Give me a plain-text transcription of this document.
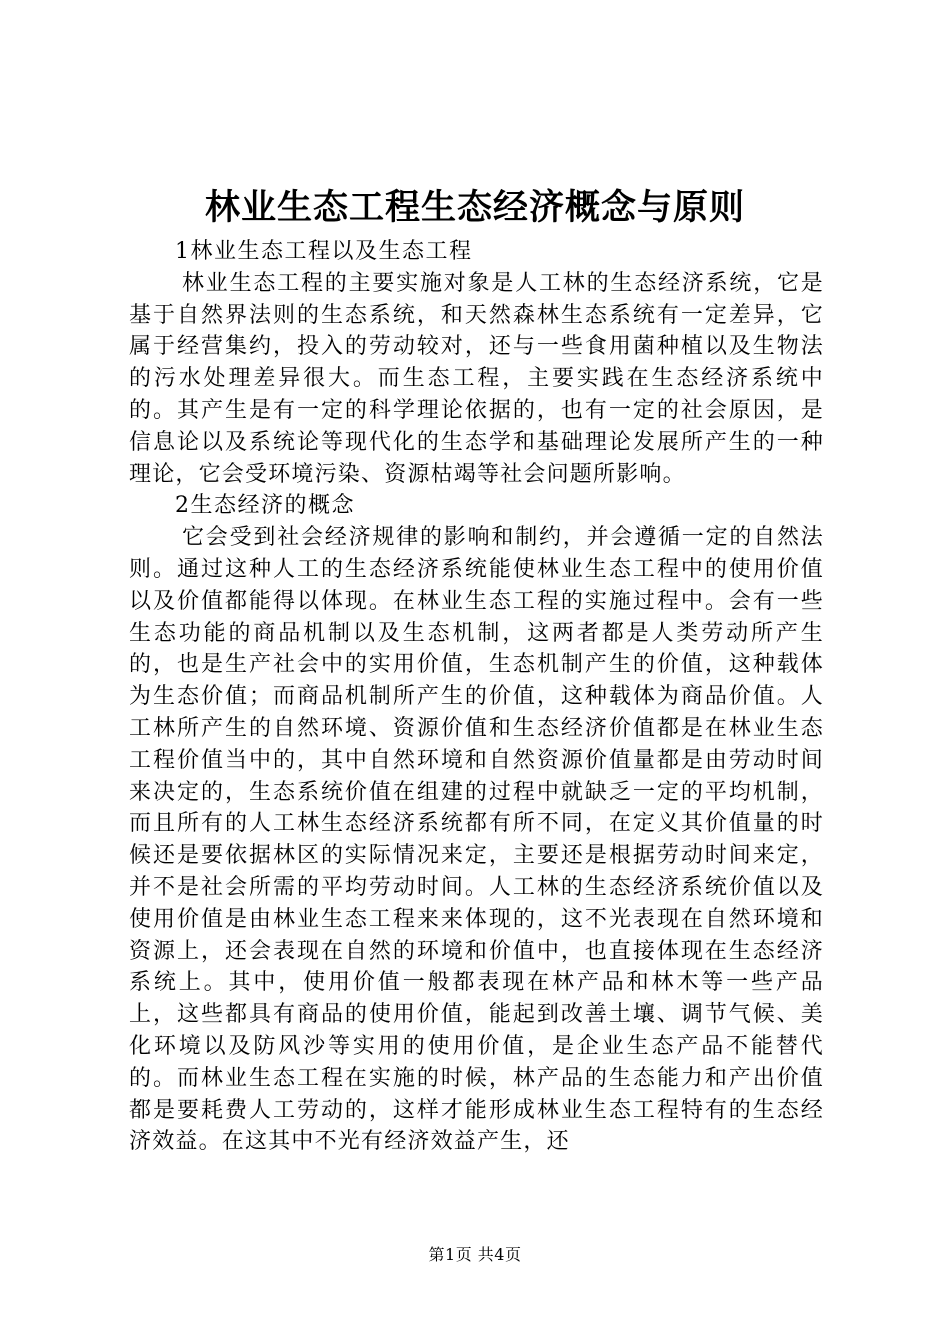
林业生态工程生态经济概念与原则
1林业生态工程以及生态工程

林业生态工程的主要实施对象是人工林的生态经济系统，它是基于自然界法则的生态系统，和天然森林生态系统有一定差异，它属于经营集约，投入的劳动较对，还与一些食用菌种植以及生物法的污水处理差异很大。而生态工程，主要实践在生态经济系统中的。其产生是有一定的科学理论依据的，也有一定的社会原因，是信息论以及系统论等现代化的生态学和基础理论发展所产生的一种理论，它会受环境污染、资源枯竭等社会问题所影响。

2生态经济的概念

它会受到社会经济规律的影响和制约，并会遵循一定的自然法则。通过这种人工的生态经济系统能使林业生态工程中的使用价值以及价值都能得以体现。在林业生态工程的实施过程中。会有一些生态功能的商品机制以及生态机制，这两者都是人类劳动所产生的，也是生产社会中的实用价值，生态机制产生的价值，这种载体为生态价值；而商品机制所产生的价值，这种载体为商品价值。人工林所产生的自然环境、资源价值和生态经济价值都是在林业生态工程价值当中的，其中自然环境和自然资源价值量都是由劳动时间来决定的，生态系统价值在组建的过程中就缺乏一定的平均机制，而且所有的人工林生态经济系统都有所不同，在定义其价值量的时候还是要依据林区的实际情况来定，主要还是根据劳动时间来定，并不是社会所需的平均劳动时间。人工林的生态经济系统价值以及使用价值是由林业生态工程来来体现的，这不光表现在自然环境和资源上，还会表现在自然的环境和价值中，也直接体现在生态经济系统上。其中，使用价值一般都表现在林产品和林木等一些产品上，这些都具有商品的使用价值，能起到改善土壤、调节气候、美化环境以及防风沙等实用的使用价值，是企业生态产品不能替代的。而林业生态工程在实施的时候，林产品的生态能力和产出价值都是要耗费人工劳动的，这样才能形成林业生态工程特有的生态经济效益。在这其中不光有经济效益产生，还

第1页 共4页
